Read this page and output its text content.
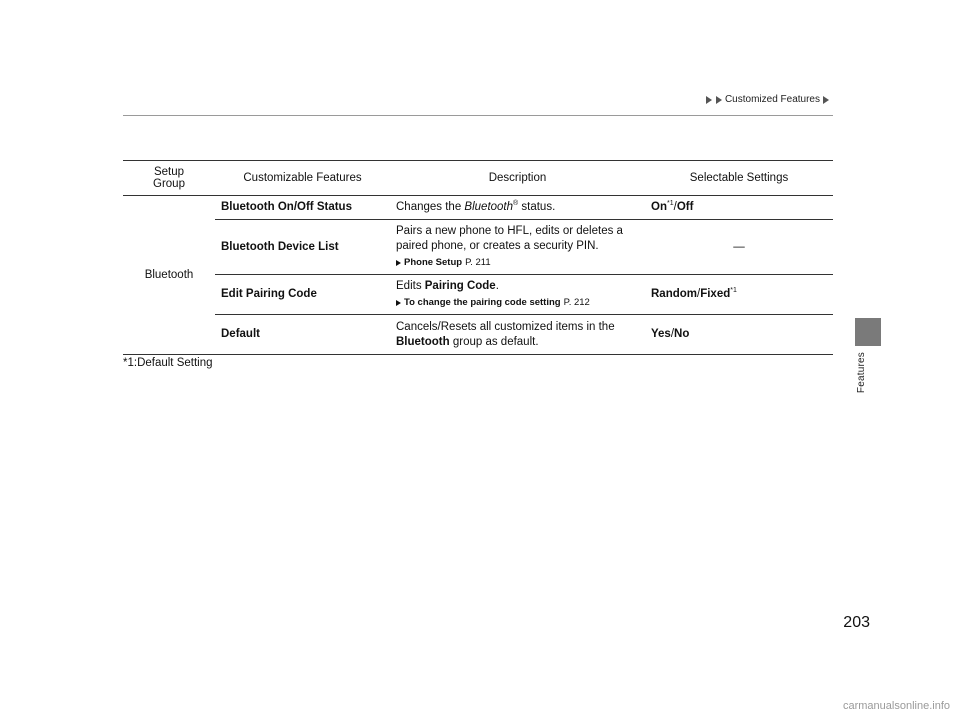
Customized Features
Features
Setup
Group	Customizable Features	Description	Selectable Settings
Bluetooth	Bluetooth On/Off Status	Changes the Bluetooth® status.	On$^{*1}$/Off
	Bluetooth Device List	Pairs a new phone to HFL, edits or deletes a
paired phone, or creates a security PIN.
Phone Setup P. 211	—
	Edit Pairing Code	Edits Pairing Code.
To change the pairing code setting P. 212	Random/Fixed$^{*1}$
	Default	Cancels/Resets all customized items in the
Bluetooth group as default.	Yes/No
*1:Default Setting
203
carmanualsonline.info
